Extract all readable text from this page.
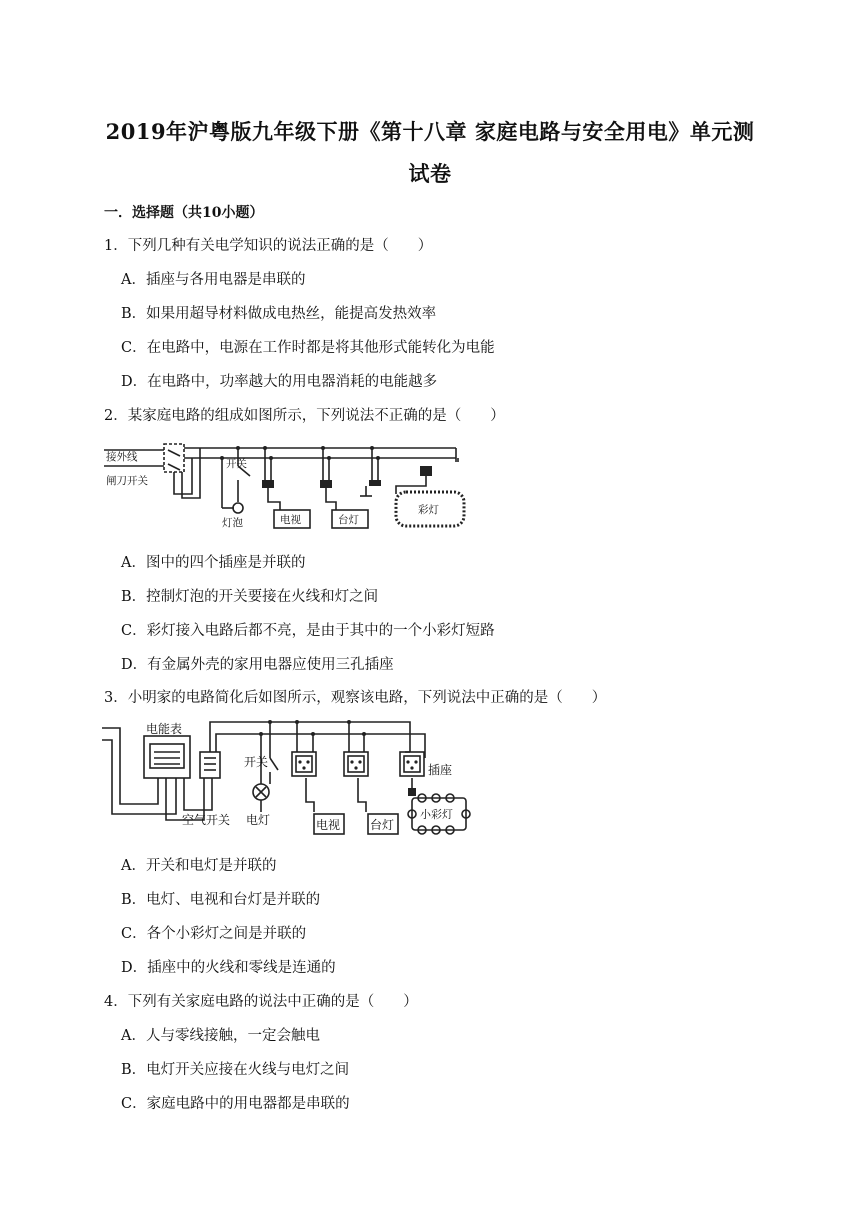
2019年沪粤版九年级下册《第十八章 家庭电路与安全用电》单元测
试卷
一．选择题（共10小题）
1．下列几种有关电学知识的说法正确的是（　　）
A．插座与各用电器是串联的
B．如果用超导材料做成电热丝，能提高发热效率
C．在电路中，电源在工作时都是将其他形式能转化为电能
D．在电路中，功率越大的用电器消耗的电能越多
2．某家庭电路的组成如图所示，下列说法不正确的是（　　）
接外线
闸刀开关
开关
灯泡	电视	台灯
彩灯
A．图中的四个插座是并联的
B．控制灯泡的开关要接在火线和灯之间
C．彩灯接入电路后都不亮，是由于其中的一个小彩灯短路
D．有金属外壳的家用电器应使用三孔插座
3．小明家的电路简化后如图所示，观察该电路，下列说法中正确的是（　　）
电能表
空气开关
开关
电灯
插座
电视 台灯
小彩灯
A．开关和电灯是并联的
B．电灯、电视和台灯是并联的
C．各个小彩灯之间是并联的
D．插座中的火线和零线是连通的
4．下列有关家庭电路的说法中正确的是（　　）
A．人与零线接触，一定会触电
B．电灯开关应接在火线与电灯之间
C．家庭电路中的用电器都是串联的
